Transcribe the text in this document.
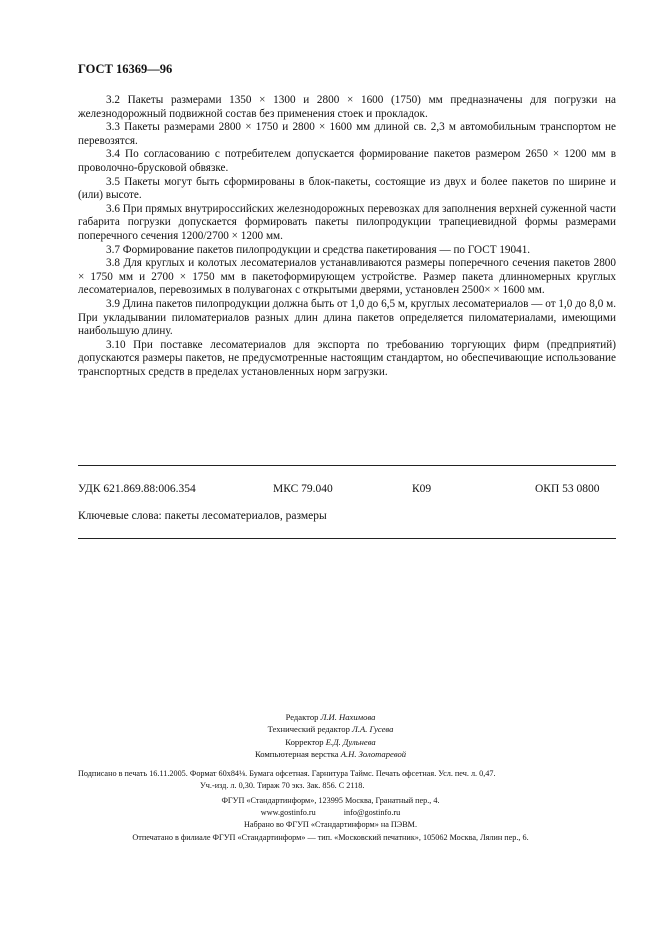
ГОСТ 16369—96

3.2 Пакеты размерами 1350 × 1300 и 2800 × 1600 (1750) мм предназначены для погрузки на железнодорожный подвижной состав без применения стоек и прокладок.

3.3 Пакеты размерами 2800 × 1750 и 2800 × 1600 мм длиной св. 2,3 м автомобильным транспортом не перевозятся.

3.4 По согласованию с потребителем допускается формирование пакетов размером 2650 × 1200 мм в проволочно-брусковой обвязке.

3.5 Пакеты могут быть сформированы в блок-пакеты, состоящие из двух и более пакетов по ширине и (или) высоте.

3.6 При прямых внутрироссийских железнодорожных перевозках для заполнения верхней суженной части габарита погрузки допускается формировать пакеты пилопродукции трапециевидной формы размерами поперечного сечения 1200/2700 × 1200 мм.

3.7 Формирование пакетов пилопродукции и средства пакетирования — по ГОСТ 19041.

3.8 Для круглых и колотых лесоматериалов устанавливаются размеры поперечного сечения пакетов 2800 × 1750 мм и 2700 × 1750 мм в пакетоформирующем устройстве. Размер пакета длинномерных круглых лесоматериалов, перевозимых в полувагонах с открытыми дверями, установлен 2500× × 1600 мм.

3.9 Длина пакетов пилопродукции должна быть от 1,0 до 6,5 м, круглых лесоматериалов — от 1,0 до 8,0 м. При укладывании пиломатериалов разных длин длина пакетов определяется пиломатериалами, имеющими наибольшую длину.

3.10 При поставке лесоматериалов для экспорта по требованию торгующих фирм (предприятий) допускаются размеры пакетов, не предусмотренные настоящим стандартом, но обеспечивающие использование транспортных средств в пределах установленных норм загрузки.

УДК 621.869.88:006.354	МКС 79.040	К09	ОКП 53 0800
Ключевые слова: пакеты лесоматериалов, размеры
Редактор Л.И. Нахимова
Технический редактор Л.А. Гусева
Корректор Е.Д. Дульнева
Компьютерная верстка А.Н. Золотаревой
Подписано в печать 16.11.2005. Формат 60x84⅛. Бумага офсетная. Гарнитура Таймс. Печать офсетная. Усл. печ. л. 0,47.
Уч.-изд. л. 0,30. Тираж 70 экз. Зак. 856. С 2118.
ФГУП «Стандартинформ», 123995 Москва, Гранатный пер., 4.
www.gostinfo.ru	info@gostinfo.ru
Набрано во ФГУП «Стандартинформ» на ПЭВМ.
Отпечатано в филиале ФГУП «Стандартинформ» — тип. «Московский печатник», 105062 Москва, Лялин пер., 6.
